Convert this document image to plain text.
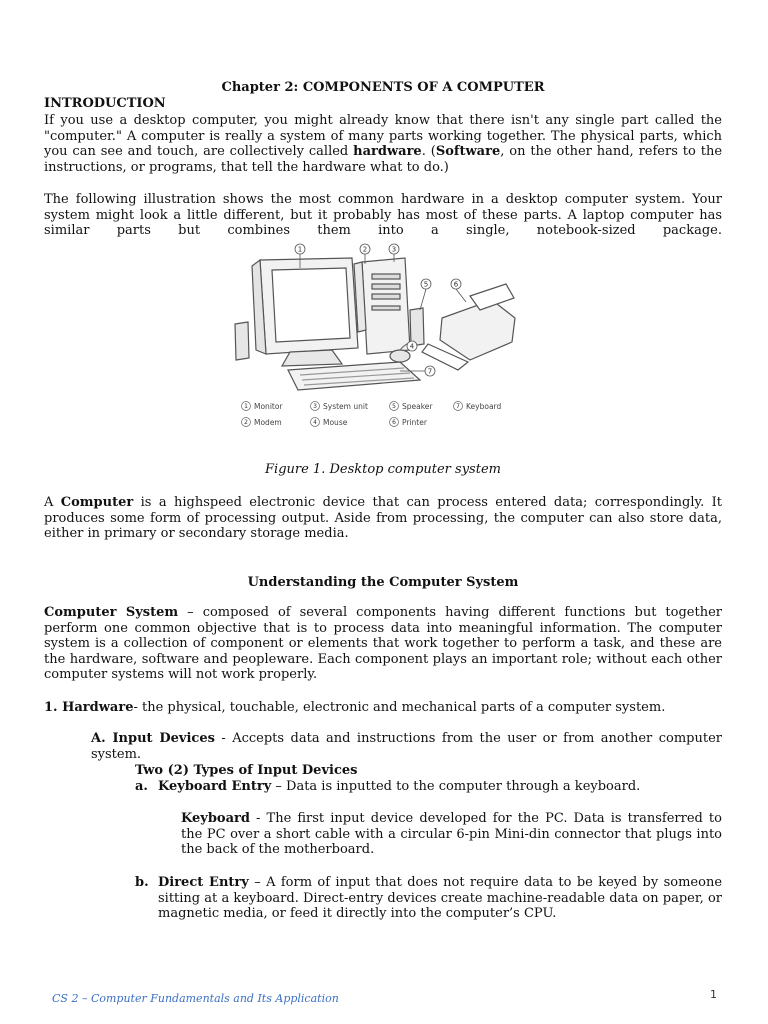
Chapter 2: COMPONENTS OF A COMPUTER
INTRODUCTION
If you use a desktop computer, you might already know that there isn't any single part called the "computer." A computer is really a system of many parts working together. The physical parts, which you can see and touch, are collectively called hardware. (Software, on the other hand, refers to the instructions, or programs, that tell the hardware what to do.)
The following illustration shows the most common hardware in a desktop computer system. Your system might look a little different, but it probably has most of these parts. A laptop computer has similar parts but combines them into a single, notebook-sized package.
1	2	3
5	6
4
7
1	3	5	7
2	4	6
Monitor	System unit	Speaker	Keyboard
Modem	Mouse	Printer
Figure 1. Desktop computer system
A Computer is a highspeed electronic device that can process entered data; correspondingly. It produces some form of processing output. Aside from processing, the computer can also store data, either in primary or secondary storage media.
Understanding the Computer System
Computer System – composed of several components having different functions but together perform one common objective that is to process data into meaningful information. The computer system is a collection of component or elements that work together to perform a task, and these are the hardware, software and peopleware. Each component plays an important role; without each other computer systems will not work properly.
1. Hardware- the physical, touchable, electronic and mechanical parts of a computer system.
A. Input Devices - Accepts data and instructions from the user or from another computer system.
Two (2) Types of Input Devices
a. Keyboard Entry – Data is inputted to the computer through a keyboard.
Keyboard - The first input device developed for the PC. Data is transferred to the PC over a short cable with a circular 6-pin Mini-din connector that plugs into the back of the motherboard.
b. Direct Entry – A form of input that does not require data to be keyed by someone sitting at a keyboard. Direct-entry devices create machine-readable data on paper, or magnetic media, or feed it directly into the computer’s CPU.
CS 2 – Computer Fundamentals and Its Application	1
